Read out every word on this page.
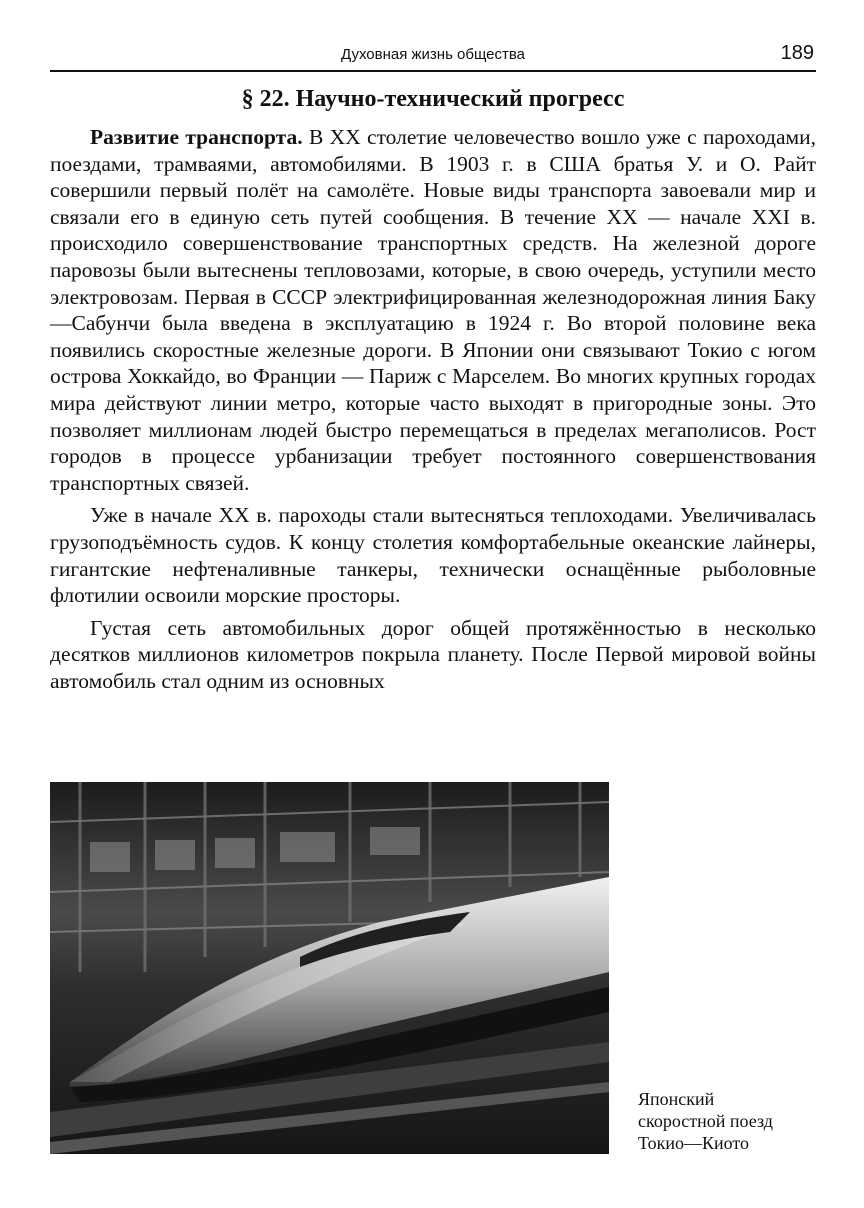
Духовная жизнь общества	189
§ 22. Научно-технический прогресс

Развитие транспорта. В XX столетие человечество вошло уже с пароходами, поездами, трамваями, автомобилями. В 1903 г. в США братья У. и О. Райт совершили первый полёт на самолёте. Новые виды транспорта завоевали мир и связали его в единую сеть путей сообщения. В течение XX — начале XXI в. происходило совершенствование транспортных средств. На железной дороге паровозы были вытеснены тепловозами, которые, в свою очередь, уступили место электровозам. Первая в СССР электрифицированная железнодорожная линия Баку—Сабунчи была введена в эксплуатацию в 1924 г. Во второй половине века появились скоростные железные дороги. В Японии они связывают Токио с югом острова Хоккайдо, во Франции — Париж с Марселем. Во многих крупных городах мира действуют линии метро, которые часто выходят в пригородные зоны. Это позволяет миллионам людей быстро перемещаться в пределах мегаполисов. Рост городов в процессе урбанизации требует постоянного совершенствования транспортных связей.

Уже в начале XX в. пароходы стали вытесняться теплоходами. Увеличивалась грузоподъёмность судов. К концу столетия комфортабельные океанские лайнеры, гигантские нефтеналивные танкеры, технически оснащённые рыболовные флотилии освоили морские просторы.

Густая сеть автомобильных дорог общей протяжённостью в несколько десятков миллионов километров покрыла планету. После Первой мировой войны автомобиль стал одним из основных

Японский
скоростной поезд
Токио—Киото
